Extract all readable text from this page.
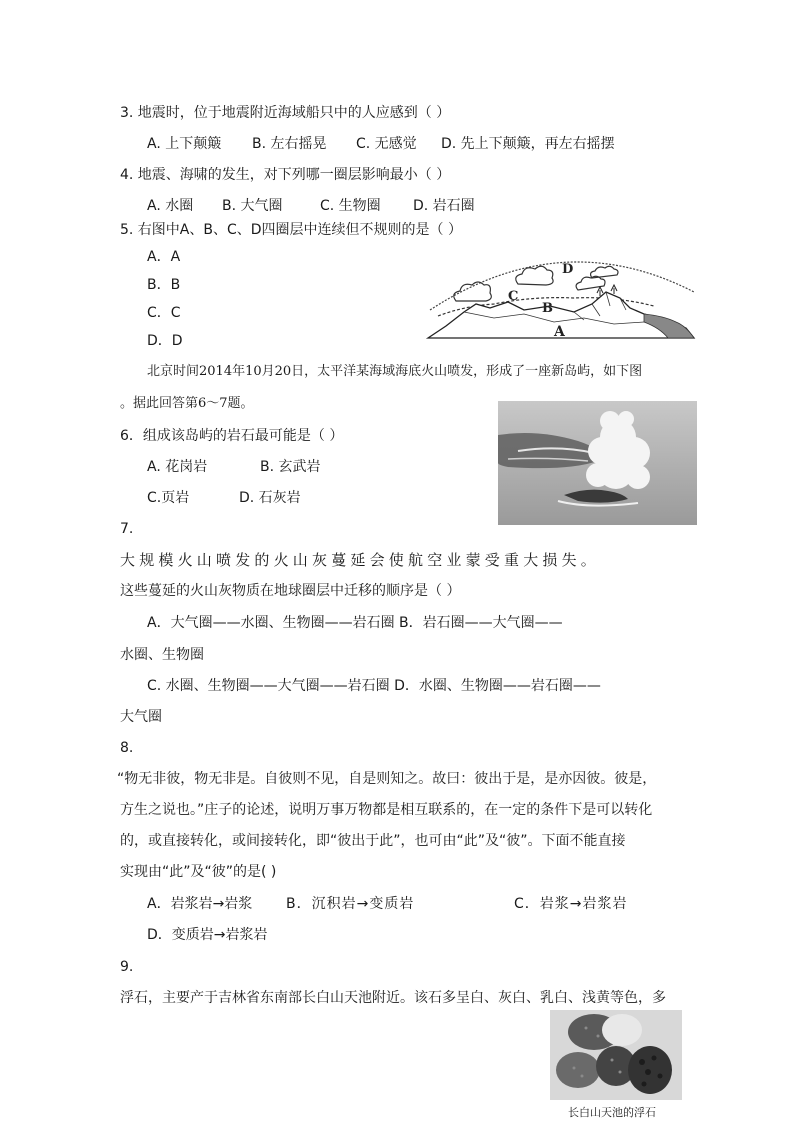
3. 地震时，位于地震附近海域船只中的人应感到（ ）
A. 上下颠簸 B. 左右摇晃 C. 无感觉 D. 先上下颠簸，再左右摇摆
4. 地震、海啸的发生，对下列哪一圈层影响最小（ ）
A. 水圈 B. 大气圈	C. 生物圈 D. 岩石圈
5. 右图中A、B、C、D四圈层中连续但不规则的是（ ）
A．A
B．B
C．C
D．D
D
C
B
A
北京时间2014年10月20日，太平洋某海域海底火山喷发，形成了一座新岛屿，如下图
。据此回答第6～7题。
6．组成该岛屿的岩石最可能是（ ）
A. 花岗岩	B. 玄武岩
C.页岩	D. 石灰岩
7.
大规模火山喷发的火山灰蔓延会使航空业蒙受重大损失。
这些蔓延的火山灰物质在地球圈层中迁移的顺序是（ ）
A．大气圈——水圈、生物圈——岩石圈 B．岩石圈——大气圈——
水圈、生物圈
C. 水圈、生物圈——大气圈——岩石圈 D．水圈、生物圈——岩石圈——
大气圈
8.
“物无非彼，物无非是。自彼则不见，自是则知之。故曰：彼出于是，是亦因彼。彼是，
方生之说也。”庄子的论述，说明万事万物都是相互联系的，在一定的条件下是可以转化
的，或直接转化，或间接转化，即“彼出于此”，也可由“此”及“彼”。下面不能直接
实现由“此”及“彼”的是( )
A．岩浆岩→岩浆 B．沉积岩→变质岩	C．岩浆→岩浆岩
D．变质岩→岩浆岩
9.
浮石，主要产于吉林省东南部长白山天池附近。该石多呈白、灰白、乳白、浅黄等色，多
长白山天池的浮石
